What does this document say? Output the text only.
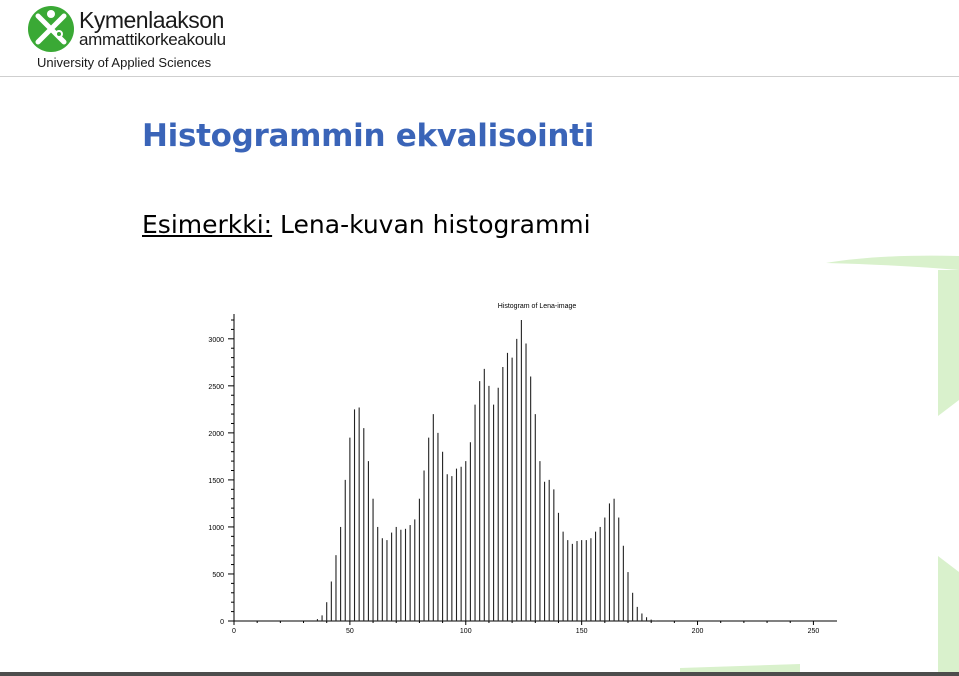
Kymenlaakson
ammattikorkeakoulu
University of Applied Sciences
Histogrammin ekvalisointi
Esimerkki: Lena-kuvan histogrammi
Histogram of Lena-image
0
500
1000
1500
2000
2500
3000
0	50	100	150	200	250
